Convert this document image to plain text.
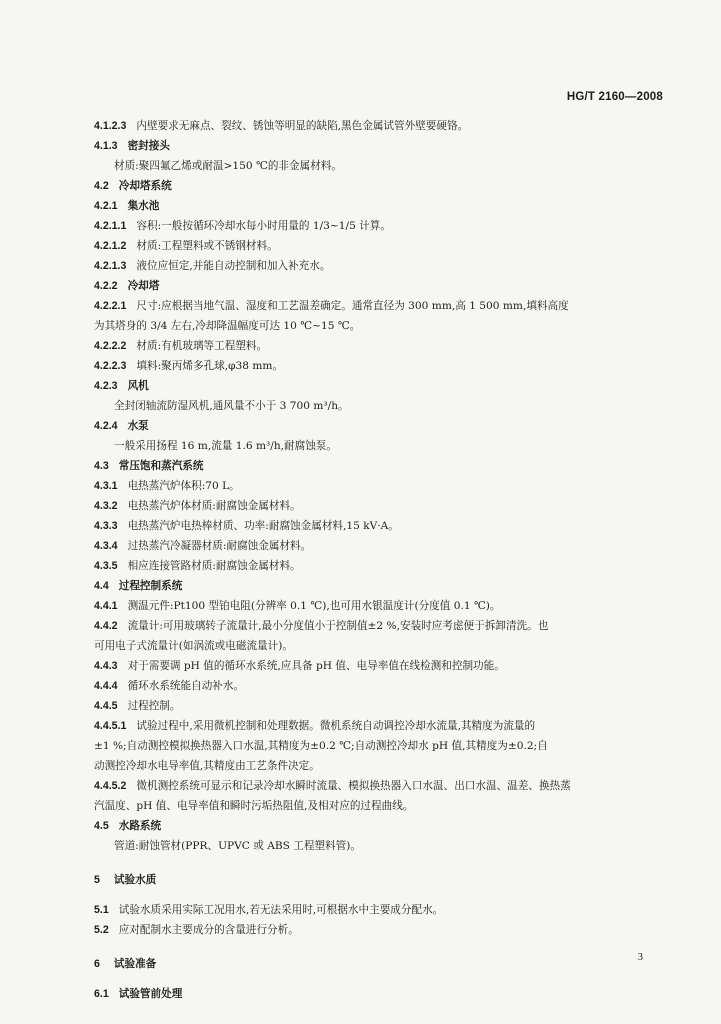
HG/T 2160—2008
4.1.2.3 内壁要求无麻点、裂纹、锈蚀等明显的缺陷,黑色金属试管外壁要硬铬。
4.1.3 密封接头
材质:聚四氟乙烯或耐温>150 ℃的非金属材料。
4.2 冷却塔系统
4.2.1 集水池
4.2.1.1 容积:一般按循环冷却水每小时用量的 1/3~1/5 计算。
4.2.1.2 材质:工程塑料或不锈钢材料。
4.2.1.3 液位应恒定,并能自动控制和加入补充水。
4.2.2 冷却塔
4.2.2.1 尺寸:应根据当地气温、湿度和工艺温差确定。通常直径为 300 mm,高 1 500 mm,填料高度
为其塔身的 3/4 左右,冷却降温幅度可达 10 ℃~15 ℃。
4.2.2.2 材质:有机玻璃等工程塑料。
4.2.2.3 填料:聚丙烯多孔球,φ38 mm。
4.2.3 风机
全封闭轴流防湿风机,通风量不小于 3 700 m³/h。
4.2.4 水泵
一般采用扬程 16 m,流量 1.6 m³/h,耐腐蚀泵。
4.3 常压饱和蒸汽系统
4.3.1 电热蒸汽炉体积:70 L。
4.3.2 电热蒸汽炉体材质:耐腐蚀金属材料。
4.3.3 电热蒸汽炉电热棒材质、功率:耐腐蚀金属材料,15 kV·A。
4.3.4 过热蒸汽冷凝器材质:耐腐蚀金属材料。
4.3.5 相应连接管路材质:耐腐蚀金属材料。
4.4 过程控制系统
4.4.1 测温元件:Pt100 型铂电阻(分辨率 0.1 ℃),也可用水银温度计(分度值 0.1 ℃)。
4.4.2 流量计:可用玻璃转子流量计,最小分度值小于控制值±2 %,安装时应考虑便于拆卸清洗。也
可用电子式流量计(如涡流或电磁流量计)。
4.4.3 对于需要调 pH 值的循环水系统,应具备 pH 值、电导率值在线检测和控制功能。
4.4.4 循环水系统能自动补水。
4.4.5 过程控制。
4.4.5.1 试验过程中,采用微机控制和处理数据。微机系统自动调控冷却水流量,其精度为流量的
±1 %;自动测控模拟换热器入口水温,其精度为±0.2 ℃;自动测控冷却水 pH 值,其精度为±0.2;自
动测控冷却水电导率值,其精度由工艺条件决定。
4.4.5.2 微机测控系统可显示和记录冷却水瞬时流量、模拟换热器入口水温、出口水温、温差、换热蒸
汽温度、pH 值、电导率值和瞬时污垢热阻值,及相对应的过程曲线。
4.5 水路系统
管道:耐蚀管材(PPR、UPVC 或 ABS 工程塑料管)。
5 试验水质
5.1 试验水质采用实际工况用水,若无法采用时,可根据水中主要成分配水。
5.2 应对配制水主要成分的含量进行分析。
6 试验准备
6.1 试验管前处理
3
